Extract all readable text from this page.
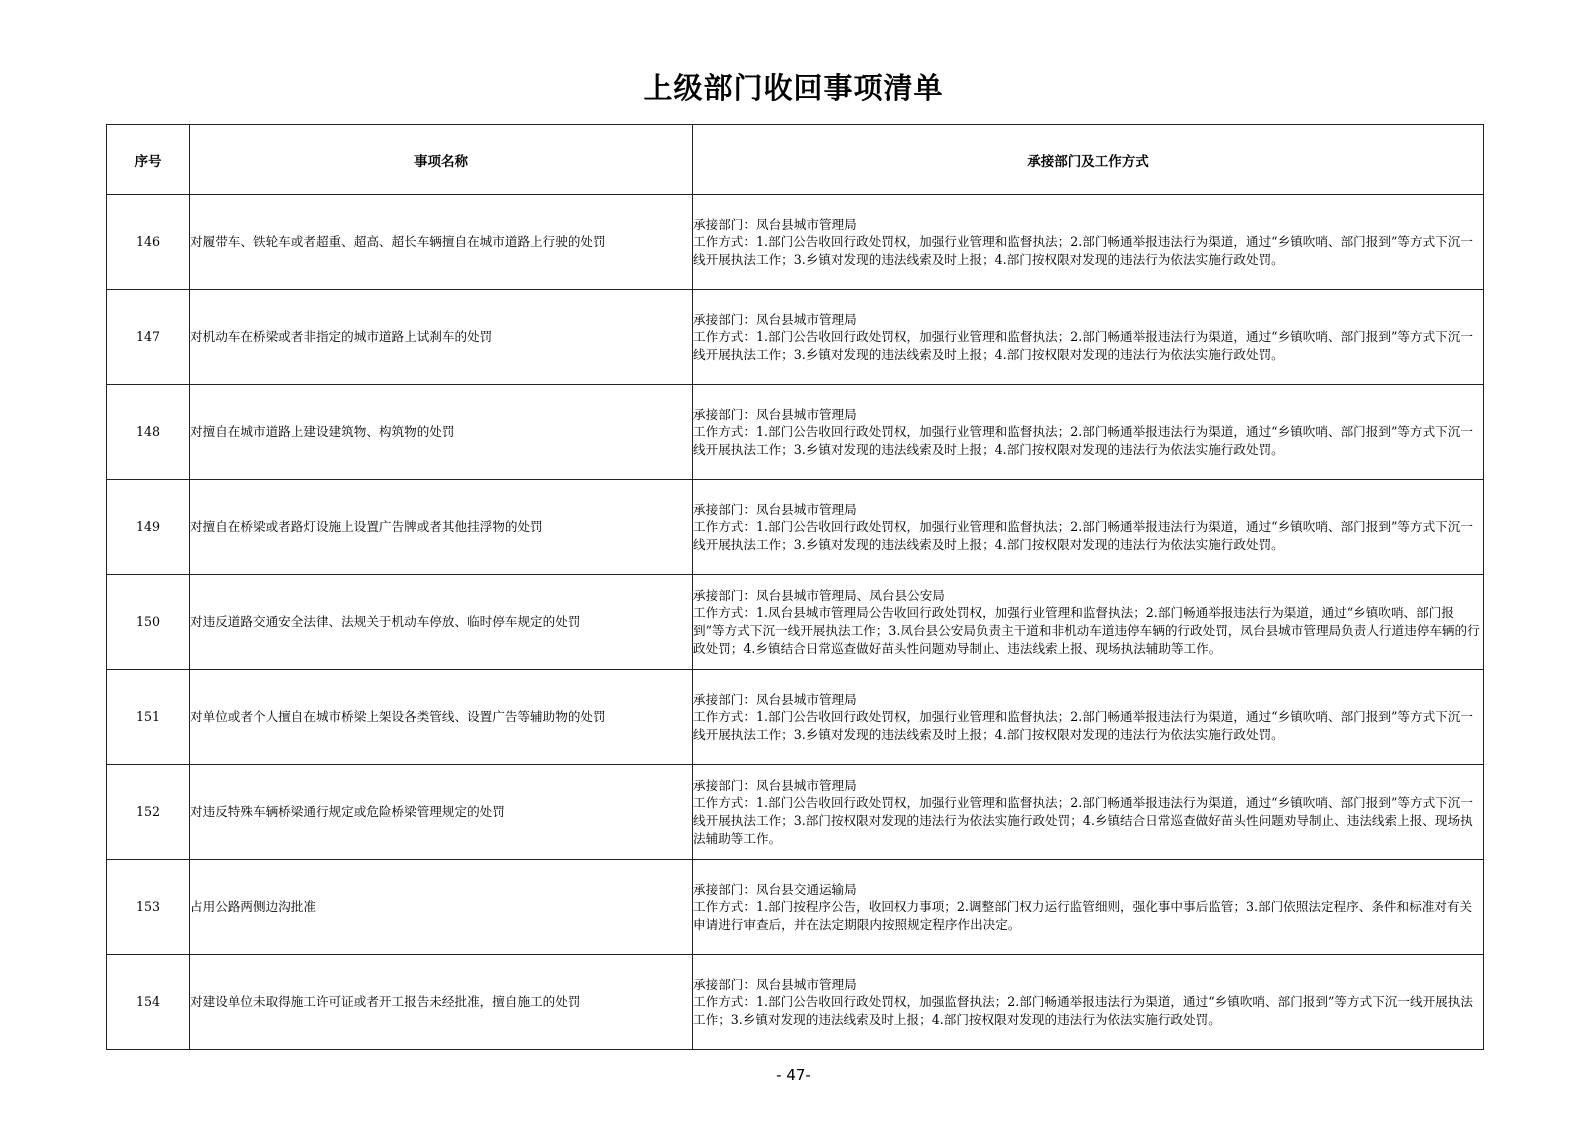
上级部门收回事项清单
序号	事项名称	承接部门及工作方式
146	对履带车、铁轮车或者超重、超高、超长车辆擅自在城市道路上行驶的处罚	承接部门：凤台县城市管理局
工作方式：1.部门公告收回行政处罚权，加强行业管理和监督执法；2.部门畅通举报违法行为渠道，通过“乡镇吹哨、部门报到”等方式下沉一线开展执法工作；3.乡镇对发现的违法线索及时上报；4.部门按权限对发现的违法行为依法实施行政处罚。

147	对机动车在桥梁或者非指定的城市道路上试刹车的处罚	承接部门：凤台县城市管理局
工作方式：1.部门公告收回行政处罚权，加强行业管理和监督执法；2.部门畅通举报违法行为渠道，通过“乡镇吹哨、部门报到”等方式下沉一线开展执法工作；3.乡镇对发现的违法线索及时上报；4.部门按权限对发现的违法行为依法实施行政处罚。

148	对擅自在城市道路上建设建筑物、构筑物的处罚	承接部门：凤台县城市管理局
工作方式：1.部门公告收回行政处罚权，加强行业管理和监督执法；2.部门畅通举报违法行为渠道，通过“乡镇吹哨、部门报到”等方式下沉一线开展执法工作；3.乡镇对发现的违法线索及时上报；4.部门按权限对发现的违法行为依法实施行政处罚。

149	对擅自在桥梁或者路灯设施上设置广告牌或者其他挂浮物的处罚	承接部门：凤台县城市管理局
工作方式：1.部门公告收回行政处罚权，加强行业管理和监督执法；2.部门畅通举报违法行为渠道，通过“乡镇吹哨、部门报到”等方式下沉一线开展执法工作；3.乡镇对发现的违法线索及时上报；4.部门按权限对发现的违法行为依法实施行政处罚。

150	对违反道路交通安全法律、法规关于机动车停放、临时停车规定的处罚	承接部门：凤台县城市管理局、凤台县公安局
工作方式：1.凤台县城市管理局公告收回行政处罚权，加强行业管理和监督执法；2.部门畅通举报违法行为渠道，通过“乡镇吹哨、部门报到”等方式下沉一线开展执法工作；3.凤台县公安局负责主干道和非机动车道违停车辆的行政处罚，凤台县城市管理局负责人行道违停车辆的行政处罚；4.乡镇结合日常巡查做好苗头性问题劝导制止、违法线索上报、现场执法辅助等工作。

151	对单位或者个人擅自在城市桥梁上架设各类管线、设置广告等辅助物的处罚	承接部门：凤台县城市管理局
工作方式：1.部门公告收回行政处罚权，加强行业管理和监督执法；2.部门畅通举报违法行为渠道，通过“乡镇吹哨、部门报到”等方式下沉一线开展执法工作；3.乡镇对发现的违法线索及时上报；4.部门按权限对发现的违法行为依法实施行政处罚。

152	对违反特殊车辆桥梁通行规定或危险桥梁管理规定的处罚	承接部门：凤台县城市管理局
工作方式：1.部门公告收回行政处罚权，加强行业管理和监督执法；2.部门畅通举报违法行为渠道，通过“乡镇吹哨、部门报到”等方式下沉一线开展执法工作；3.部门按权限对发现的违法行为依法实施行政处罚；4.乡镇结合日常巡查做好苗头性问题劝导制止、违法线索上报、现场执法辅助等工作。

153	占用公路两侧边沟批准	承接部门：凤台县交通运输局
工作方式：1.部门按程序公告，收回权力事项；2.调整部门权力运行监管细则，强化事中事后监管；3.部门依照法定程序、条件和标准对有关申请进行审查后，并在法定期限内按照规定程序作出决定。

154	对建设单位未取得施工许可证或者开工报告未经批准，擅自施工的处罚	承接部门：凤台县城市管理局
工作方式：1.部门公告收回行政处罚权，加强监督执法；2.部门畅通举报违法行为渠道，通过“乡镇吹哨、部门报到”等方式下沉一线开展执法工作；3.乡镇对发现的违法线索及时上报；4.部门按权限对发现的违法行为依法实施行政处罚。
- 47-
